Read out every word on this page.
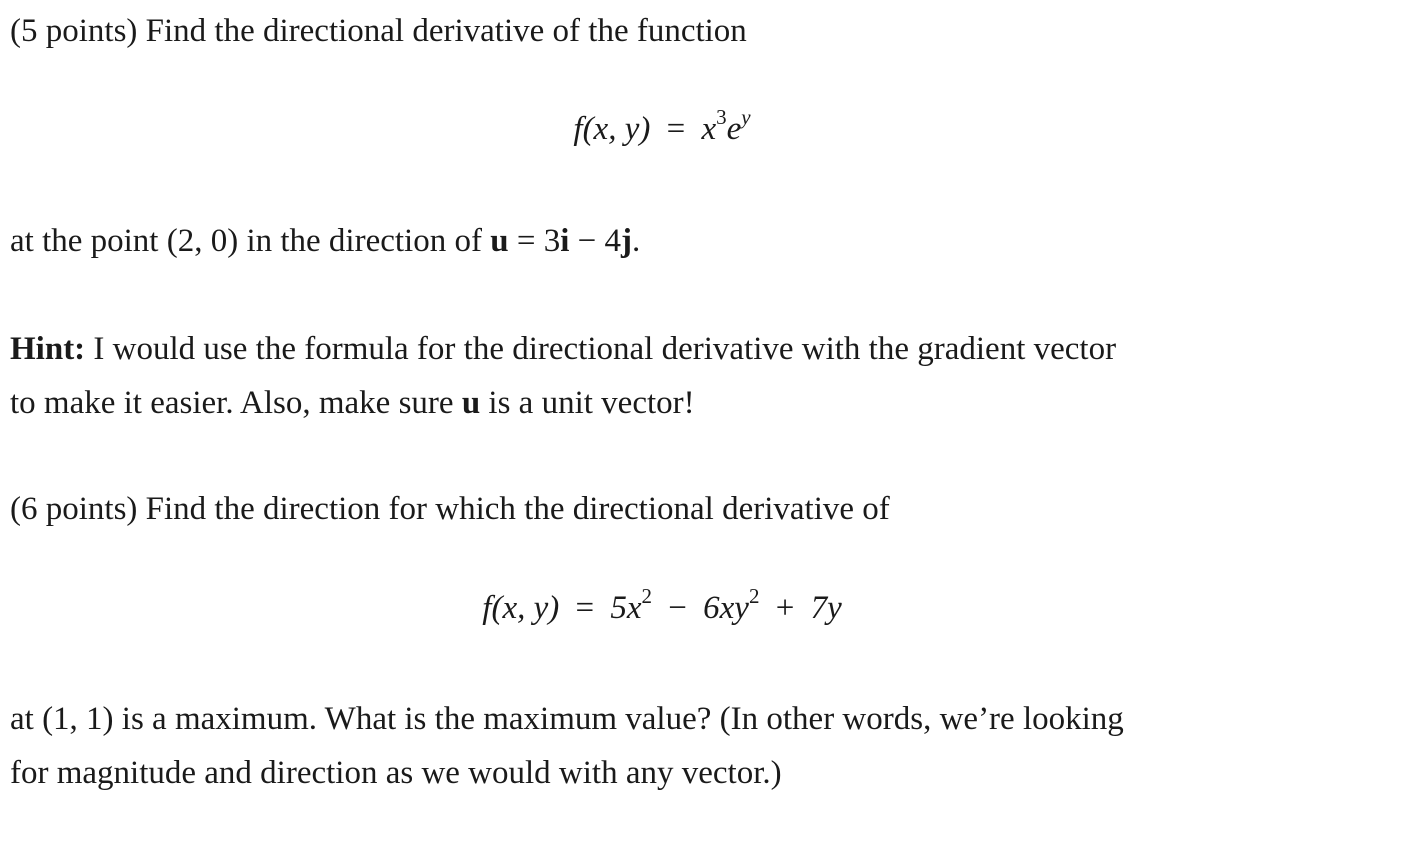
(5 points) Find the directional derivative of the function
f(x, $y) = x^3e^y$
at the point (2, 0) in the direction of u = 3i − 4j.
Hint: I would use the formula for the directional derivative with the gradient vector
to make it easier. Also, make sure u is a unit vector!
(6 points) Find the direction for which the directional derivative of
f(x, $y) = 5x^2 - 6xy^2 + 7y$
at (1, 1) is a maximum. What is the maximum value? (In other words, we’re looking
for magnitude and direction as we would with any vector.)
